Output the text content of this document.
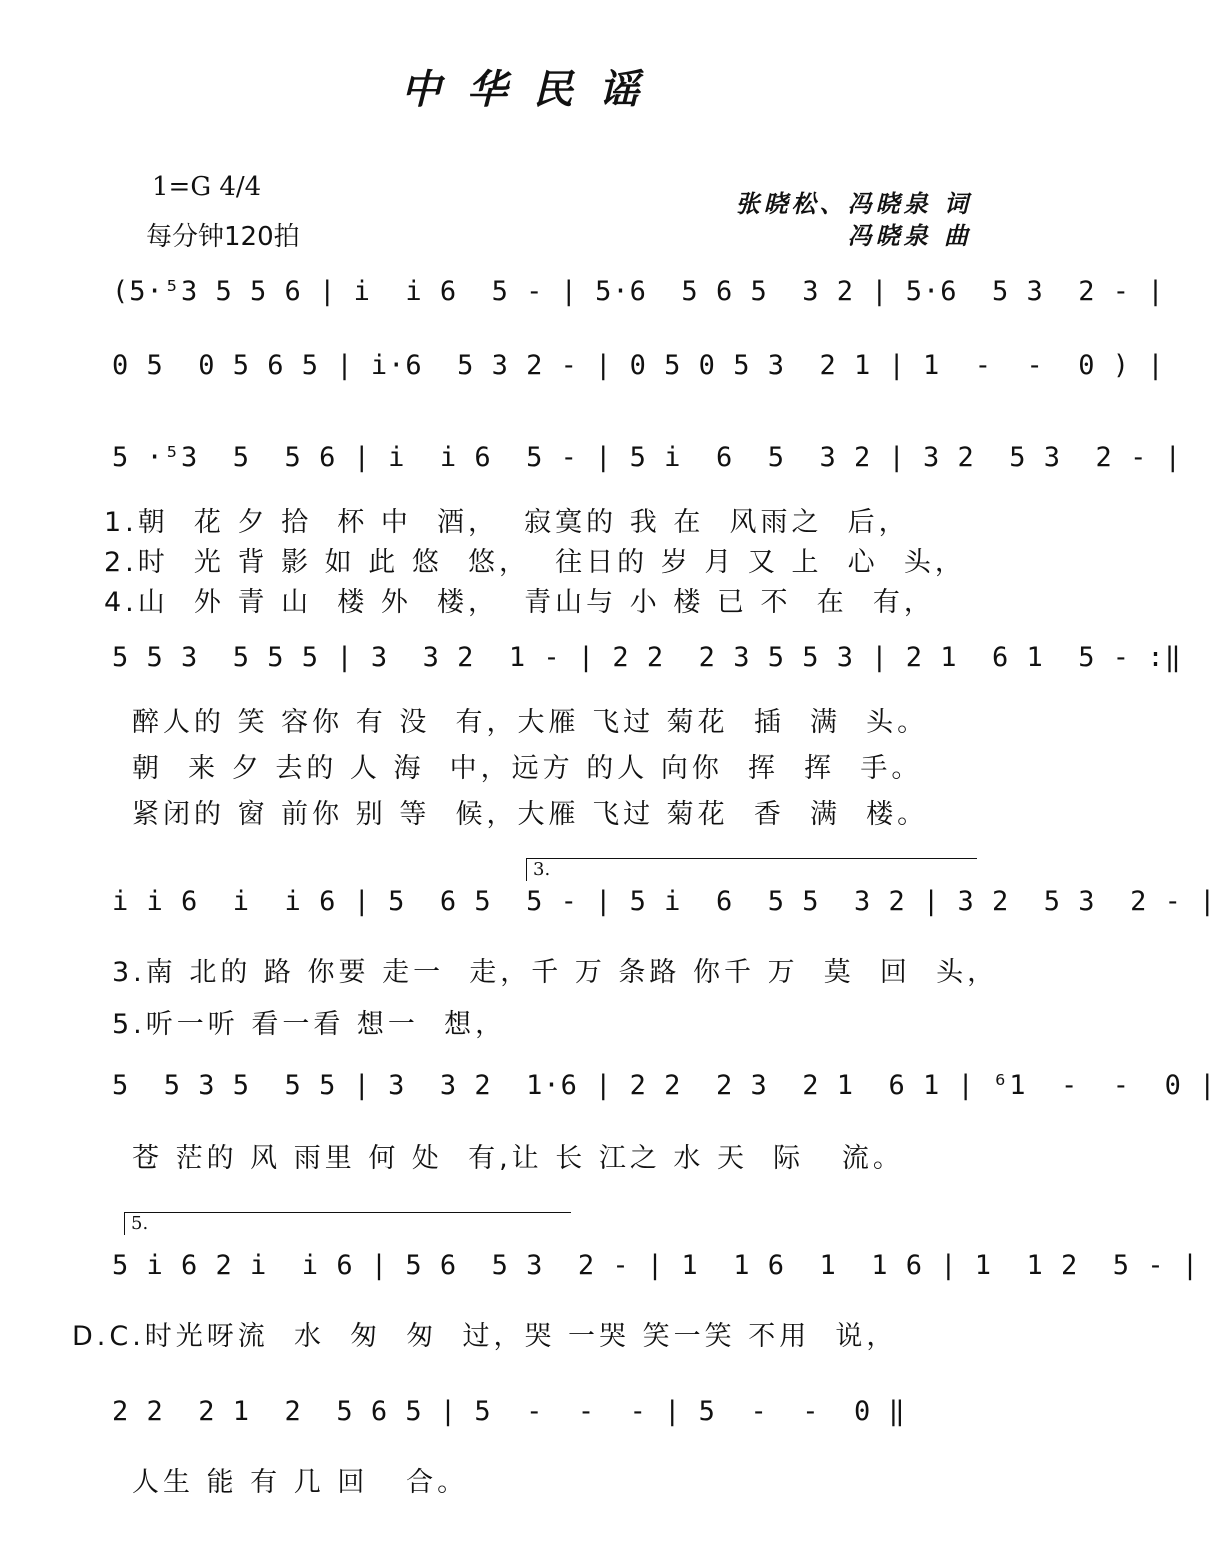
中华民谣
1=G 4/4
每分钟120拍
张晓松、冯晓泉 词
冯晓泉 曲
(5·⁵3 5 5 6 | i  i 6  5 - | 5·6  5 6 5  3 2 | 5·6  5 3  2 - |
0 5  0 5 6 5 | i·6  5 3 2 - | 0 5 0 5 3  2 1 | 1  -  -  0 ) |
5 ·⁵3  5  5 6 | i  i 6  5 - | 5 i  6  5  3 2 | 3 2  5 3  2 - |
1.朝  花 夕 拾  杯 中  酒，  寂寞的 我 在  风雨之  后，
2.时  光 背 影 如 此 悠  悠，  往日的 岁 月 又 上  心  头，
4.山  外 青 山  楼 外  楼，  青山与 小 楼 已 不  在  有，
5 5 3  5 5 5 | 3  3 2  1 - | 2 2  2 3 5 5 3 | 2 1  6 1  5 - :‖
醉人的 笑 容你 有 没  有，大雁 飞过 菊花  插  满  头。
朝  来 夕 去的 人 海  中，远方 的人 向你  挥  挥  手。
紧闭的 窗 前你 别 等  候，大雁 飞过 菊花  香  满  楼。
3.
i i 6  i  i 6 | 5  6 5  5 - | 5 i  6  5 5  3 2 | 3 2  5 3  2 - |
3.南 北的 路 你要 走一  走，千 万 条路 你千 万  莫  回  头，
5.听一听 看一看 想一  想，
5  5 3 5  5 5 | 3  3 2  1·6 | 2 2  2 3  2 1  6 1 | ⁶1  -  -  0 |
苍 茫的 风 雨里 何 处  有,让 长 江之 水 天  际   流。
5.
5 i 6 2 i  i 6 | 5 6  5 3  2 - | 1  1 6  1  1 6 | 1  1 2  5 - |
D.C.时光呀流  水  匆  匆  过，哭 一哭 笑一笑 不用  说，
2 2  2 1  2  5 6 5 | 5  -  -  - | 5  -  -  0 ‖
人生 能 有 几 回   合。
